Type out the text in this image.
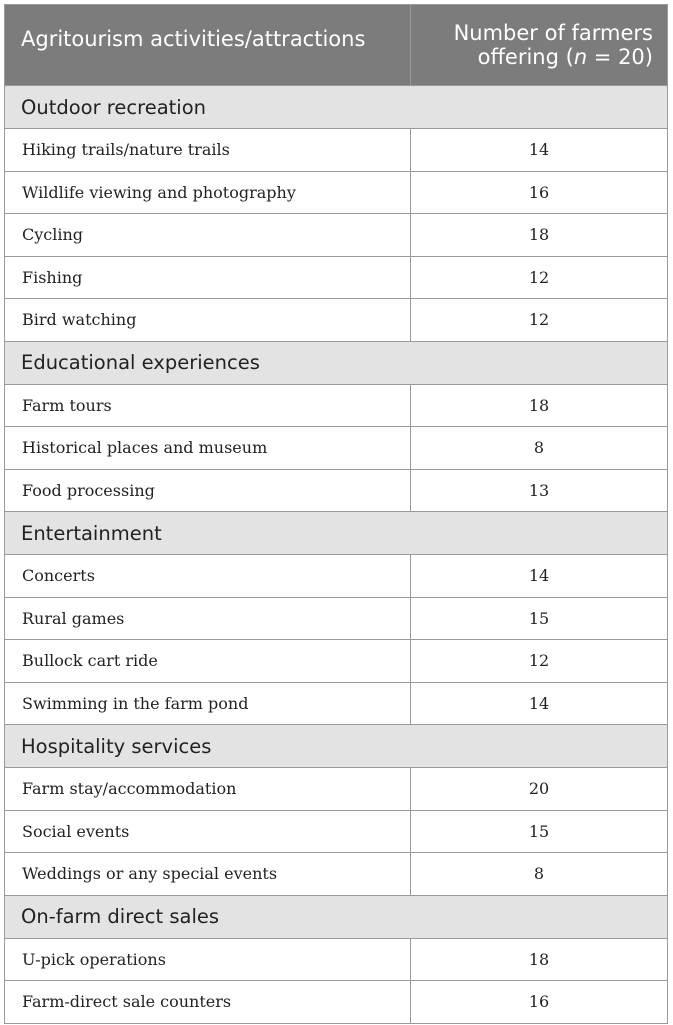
Agritourism activities/attractions	Number of farmers
offering (n = 20)
Outdoor recreation	
Hiking trails/nature trails	14
Wildlife viewing and photography	16
Cycling	18
Fishing	12
Bird watching	12
Educational experiences	
Farm tours	18
Historical places and museum	8
Food processing	13
Entertainment	
Concerts	14
Rural games	15
Bullock cart ride	12
Swimming in the farm pond	14
Hospitality services	
Farm stay/accommodation	20
Social events	15
Weddings or any special events	8
On-farm direct sales	
U-pick operations	18
Farm-direct sale counters	16
